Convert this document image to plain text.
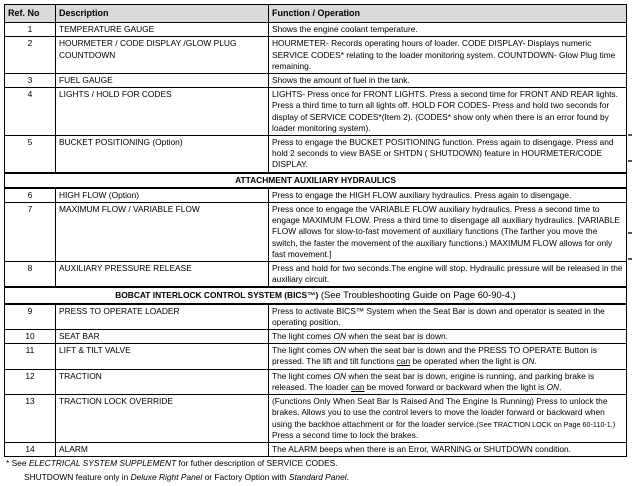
Ref. No	Description	Function / Operation
1	TEMPERATURE GAUGE	Shows the engine coolant temperature.
2	HOURMETER / CODE DISPLAY /GLOW PLUG COUNTDOWN	HOURMETER- Records operating hours of loader. CODE DISPLAY- Displays numeric SERVICE CODES* relating to the loader monitoring system. COUNTDOWN- Glow Plug time remaining.
3	FUEL GAUGE	Shows the amount of fuel in the tank.
4	LIGHTS / HOLD FOR CODES	LIGHTS- Press once for FRONT LIGHTS. Press a second time for FRONT AND REAR lights. Press a third time to turn all lights off. HOLD FOR CODES- Press and hold two seconds for display of SERVICE CODES*(Item 2). (CODES* show only when there is an error found by loader monitoring system).
5	BUCKET POSITIONING (Option)	Press to engage the BUCKET POSITIONING function. Press again to disengage. Press and hold 2 seconds to view BASE or SHTDN ( SHUTDOWN) feature in HOURMETER/CODE DISPLAY.
ATTACHMENT AUXILIARY HYDRAULICS		
6	HIGH FLOW (Option)	Press to engage the HIGH FLOW auxiliary hydraulics. Press again to disengage.
7	MAXIMUM FLOW / VARIABLE FLOW	Press once to engage the VARIABLE FLOW auxiliary hydraulics. Press a second time to engage MAXIMUM FLOW. Press a third time to disengage all auxiliary hydraulics. [VARIABLE FLOW allows for slow-to-fast movement of auxiliary functions (The farther you move the switch, the faster the movement of the auxiliary functions.) MAXIMUM FLOW allows for only fast movement.]
8	AUXILIARY PRESSURE RELEASE	Press and hold for two seconds.The engine will stop. Hydraulic pressure will be released in the auxiliary circuit.
BOBCAT INTERLOCK CONTROL SYSTEM (BICS™) (See Troubleshooting Guide on Page 60-90-4.)		
9	PRESS TO OPERATE LOADER	Press to activate BICS™ System when the Seat Bar is down and operator is seated in the operating position.
10	SEAT BAR	The light comes ON when the seat bar is down.
11	LIFT & TILT VALVE	The light comes ON when the seat bar is down and the PRESS TO OPERATE Button is pressed. The lift and tilt functions can be operated when the light is ON.
12	TRACTION	The light comes ON when the seat bar is down, engine is running, and parking brake is released. The loader can be moved forward or backward when the light is ON.
13	TRACTION LOCK OVERRIDE	(Functions Only When Seat Bar Is Raised And The Engine Is Running) Press to unlock the brakes. Allows you to use the control levers to move the loader forward or backward when using the backhoe attachment or for the loader service.(See TRACTION LOCK on Page 60-110-1.) Press a second time to lock the brakes.
14	ALARM	The ALARM beeps when there is an Error, WARNING or SHUTDOWN condition.
* See ELECTRICAL SYSTEM SUPPLEMENT for futher description of SERVICE CODES.
SHUTDOWN feature only in Deluxe Right Panel or Factory Option with Standard Panel.
